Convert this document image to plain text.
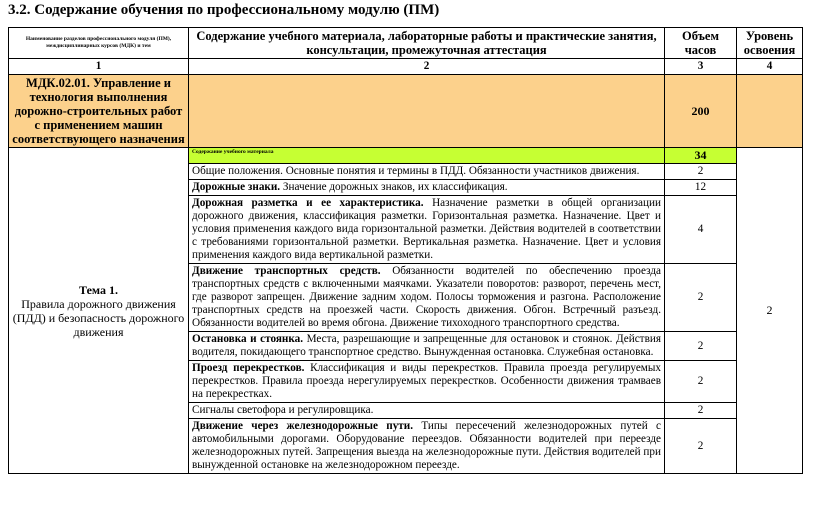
3.2. Содержание обучения по профессиональному модулю (ПМ)
Наименование разделов профессионального модуля (ПМ), междисциплинарных курсов (МДК) и тем	Содержание учебного материала, лабораторные работы и практические занятия, консультации, промежуточная аттестация	Объем часов	Уровень освоения
1	2	3	4
МДК.02.01. Управление и технология выполнения дорожно-строительных работ с применением машин соответствующего назначения		200	
Тема 1.
Правила дорожного движения (ПДД) и безопасность дорожного движения	Содержание учебного материала	34	2
	Общие положения. Основные понятия и термины в ПДД. Обязанности участников движения.	2	
	Дорожные знаки. Значение дорожных знаков, их классификация.	12	
	Дорожная разметка и ее характеристика. Назначение разметки в общей организации дорожного движения, классификация разметки. Горизонтальная разметка. Назначение. Цвет и условия применения каждого вида горизонтальной разметки. Действия водителей в соответствии с требованиями горизонтальной разметки. Вертикальная разметка. Назначение. Цвет и условия применения каждого вида вертикальной разметки.	4	
	Движение транспортных средств. Обязанности водителей по обеспечению проезда транспортных средств с включенными маячками. Указатели поворотов: разворот, перечень мест, где разворот запрещен. Движение задним ходом. Полосы торможения и разгона. Расположение транспортных средств на проезжей части. Скорость движения. Обгон. Встречный разъезд. Обязанности водителей во время обгона. Движение тихоходного транспортного средства.	2	
	Остановка и стоянка. Места, разрешающие и запрещенные для остановок и стоянок. Действия водителя, покидающего транспортное средство. Вынужденная остановка. Служебная остановка.	2	
	Проезд перекрестков. Классификация и виды перекрестков. Правила проезда регулируемых перекрестков. Правила проезда нерегулируемых перекрестков. Особенности движения трамваев на перекрестках.	2	
	Сигналы светофора и регулировщика.	2	
	Движение через железнодорожные пути. Типы пересечений железнодорожных путей с автомобильными дорогами. Оборудование переездов. Обязанности водителей при переезде железнодорожных путей. Запрещения выезда на железнодорожные пути. Действия водителей при вынужденной остановке на железнодорожном переезде.	2	
